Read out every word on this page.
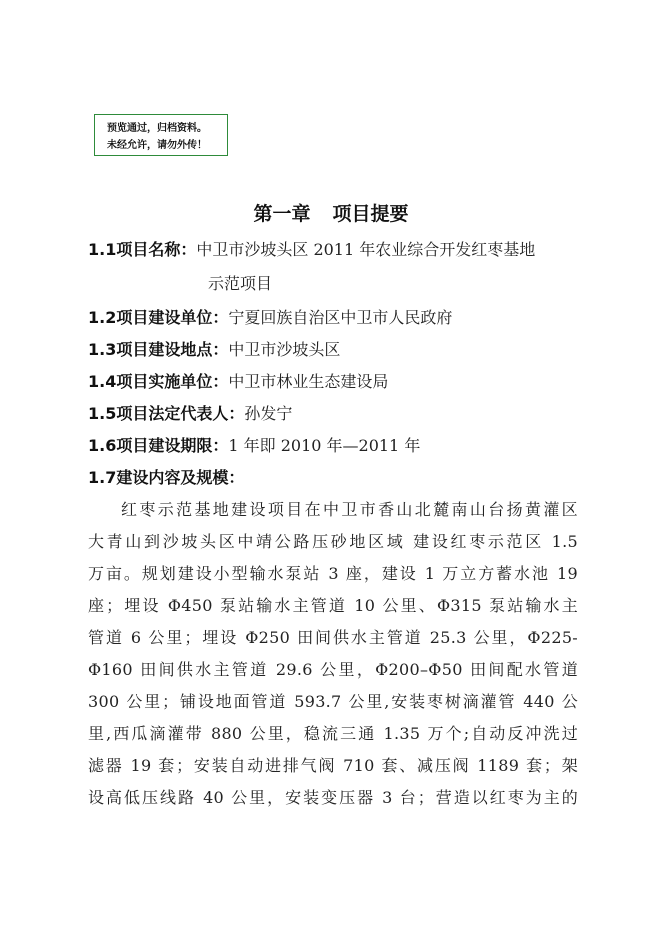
预览通过，归档资料。
未经允许，请勿外传！
第一章 项目提要
1.1项目名称：中卫市沙坡头区 2011 年农业综合开发红枣基地
示范项目
1.2项目建设单位：宁夏回族自治区中卫市人民政府
1.3项目建设地点：中卫市沙坡头区
1.4项目实施单位：中卫市林业生态建设局
1.5项目法定代表人：孙发宁
1.6项目建设期限：1 年即 2010 年—2011 年
1.7建设内容及规模：
红枣示范基地建设项目在中卫市香山北麓南山台扬黄灌区
大青山到沙坡头区中靖公路压砂地区域 建设红枣示范区 1.5
万亩。规划建设小型输水泵站 3 座，建设 1 万立方蓄水池 19
座；埋设 Φ450 泵站输水主管道 10 公里、Φ315 泵站输水主
管道 6 公里；埋设 Φ250 田间供水主管道 25.3 公里，Φ225-
Φ160 田间供水主管道 29.6 公里，Φ200–Φ50 田间配水管道
300 公里；铺设地面管道 593.7 公里,安装枣树滴灌管 440 公
里,西瓜滴灌带 880 公里，稳流三通 1.35 万个;自动反冲洗过
滤器 19 套；安装自动进排气阀 710 套、减压阀 1189 套；架
设高低压线路 40 公里，安装变压器 3 台；营造以红枣为主的
